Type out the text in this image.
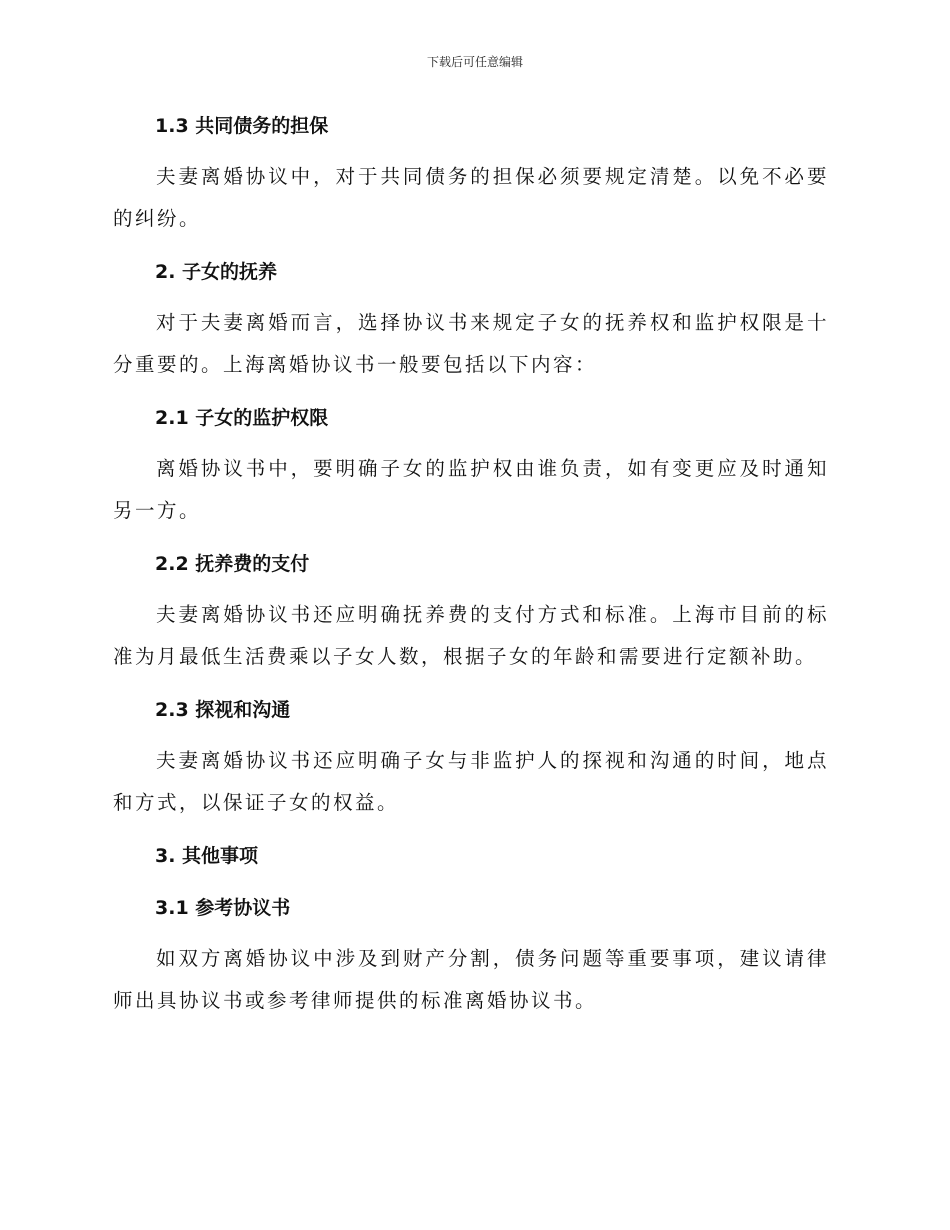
下载后可任意编辑
1.3 共同债务的担保

夫妻离婚协议中，对于共同债务的担保必须要规定清楚。以免不必要的纠纷。

2. 子女的抚养

对于夫妻离婚而言，选择协议书来规定子女的抚养权和监护权限是十分重要的。上海离婚协议书一般要包括以下内容：

2.1 子女的监护权限

离婚协议书中，要明确子女的监护权由谁负责，如有变更应及时通知另一方。

2.2 抚养费的支付

夫妻离婚协议书还应明确抚养费的支付方式和标准。上海市目前的标准为月最低生活费乘以子女人数，根据子女的年龄和需要进行定额补助。

2.3 探视和沟通

夫妻离婚协议书还应明确子女与非监护人的探视和沟通的时间，地点和方式，以保证子女的权益。

3. 其他事项
3.1 参考协议书

如双方离婚协议中涉及到财产分割，债务问题等重要事项，建议请律师出具协议书或参考律师提供的标准离婚协议书。
